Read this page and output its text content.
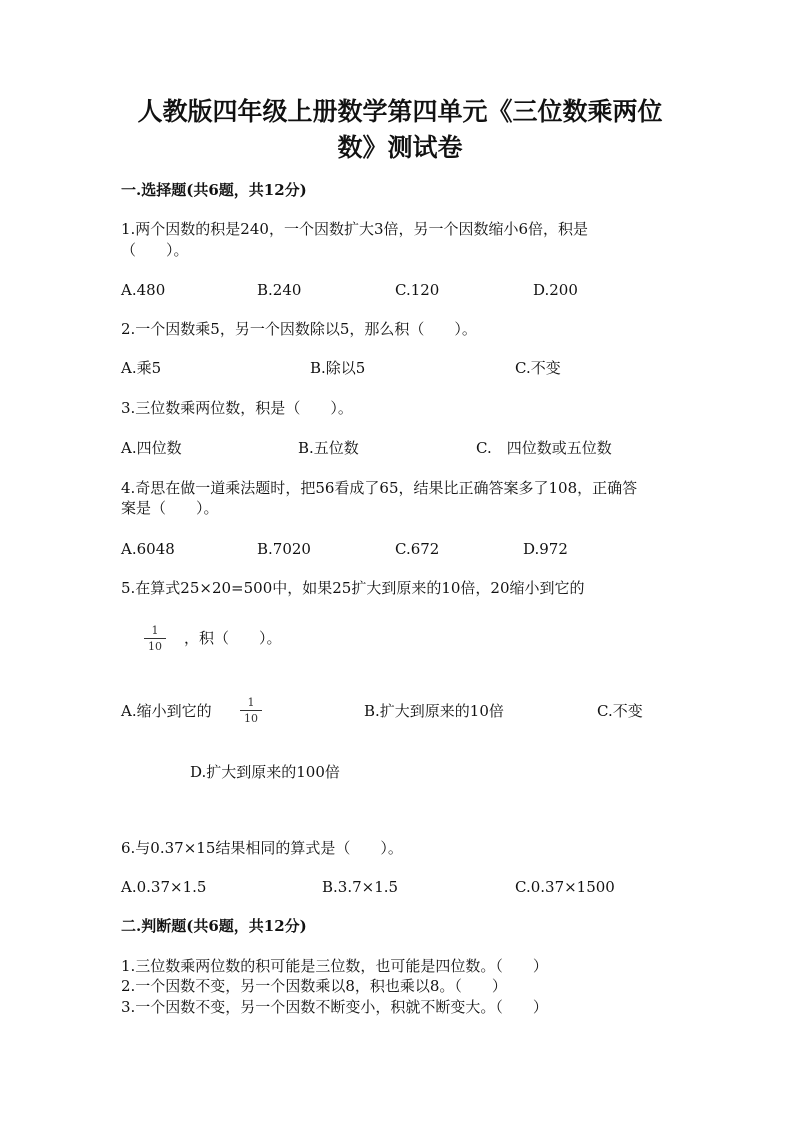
人教版四年级上册数学第四单元《三位数乘两位
数》测试卷
一.选择题(共6题，共12分)
1.两个因数的积是240，一个因数扩大3倍，另一个因数缩小6倍，积是
（　　）。
A.480	B.240	C.120	D.200
2.一个因数乘5，另一个因数除以5，那么积（　　）。
A.乘5	B.除以5	C.不变
3.三位数乘两位数，积是（　　）。
A.四位数	B.五位数	C.　四位数或五位数
4.奇思在做一道乘法题时，把56看成了65，结果比正确答案多了108，正确答
案是（　　）。
A.6048	B.7020	C.672	D.972
5.在算式25×20=500中，如果25扩大到原来的10倍，20缩小到它的
1
10 ，积（　　）。
A.缩小到它的	1
10	B.扩大到原来的10倍	C.不变
D.扩大到原来的100倍
6.与0.37×15结果相同的算式是（　　）。
A.0.37×1.5	B.3.7×1.5	C.0.37×1500
二.判断题(共6题，共12分)
1.三位数乘两位数的积可能是三位数，也可能是四位数。（　　）
2.一个因数不变，另一个因数乘以8，积也乘以8。（　　）
3.一个因数不变，另一个因数不断变小，积就不断变大。（　　）
